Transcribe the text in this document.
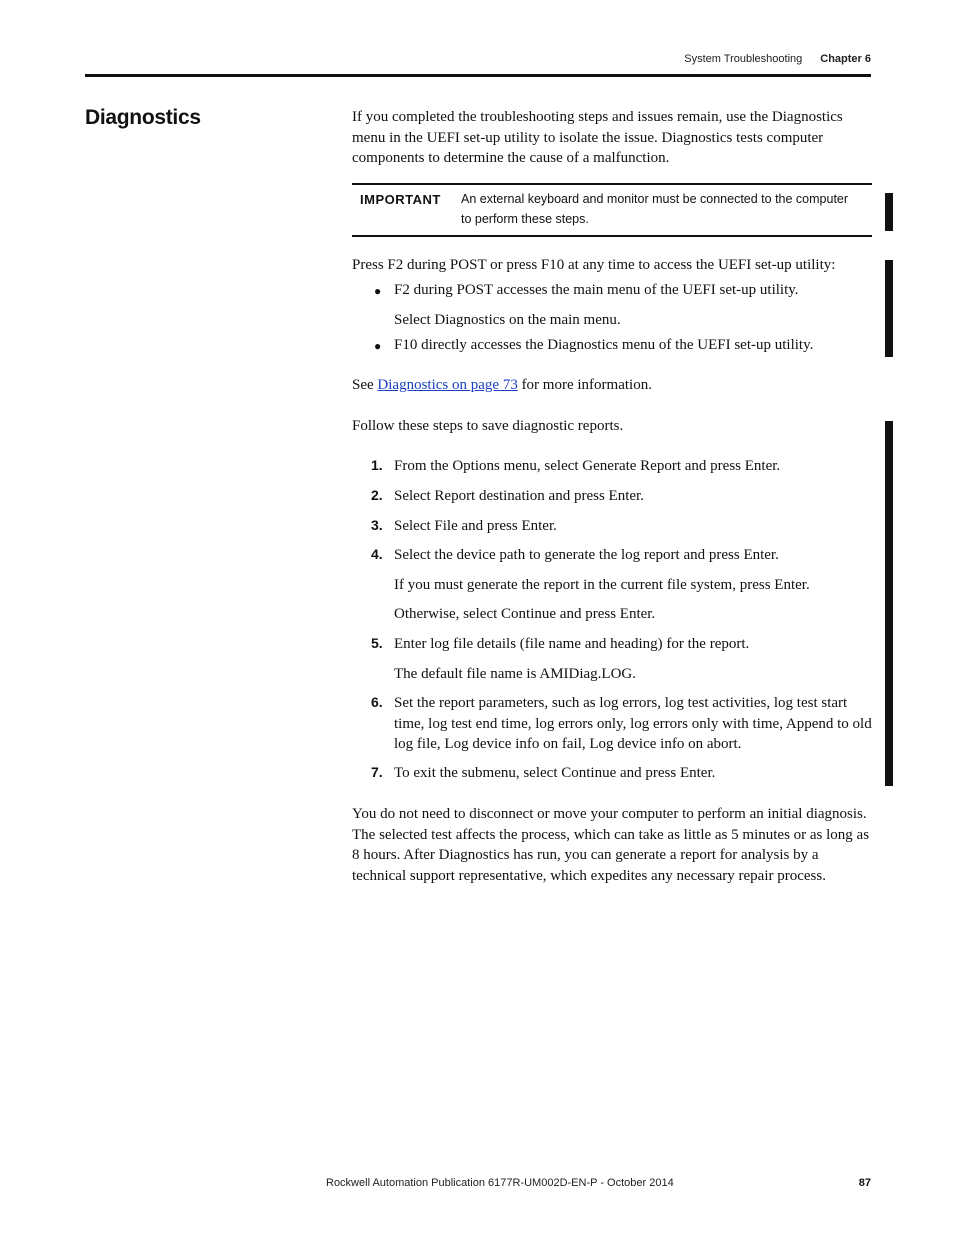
System Troubleshooting Chapter 6
Diagnostics	If you completed the troubleshooting steps and issues remain, use the Diagnostics menu in the UEFI set-up utility to isolate the issue. Diagnostics tests computer components to determine the cause of a malfunction.

IMPORTANT An external keyboard and monitor must be connected to the computer to perform these steps.

Press F2 during POST or press F10 at any time to access the UEFI set-up utility:

● F2 during POST accesses the main menu of the UEFI set-up utility.
Select Diagnostics on the main menu.
● F10 directly accesses the Diagnostics menu of the UEFI set-up utility.

See Diagnostics on page 73 for more information.

Follow these steps to save diagnostic reports.

1. From the Options menu, select Generate Report and press Enter.
2. Select Report destination and press Enter.
3. Select File and press Enter.
4. Select the device path to generate the log report and press Enter.
If you must generate the report in the current file system, press Enter.
Otherwise, select Continue and press Enter.
5. Enter log file details (file name and heading) for the report.
The default file name is AMIDiag.LOG.
6. Set the report parameters, such as log errors, log test activities, log test start time, log test end time, log errors only, log errors only with time, Append to old log file, Log device info on fail, Log device info on abort.
7. To exit the submenu, select Continue and press Enter.

You do not need to disconnect or move your computer to perform an initial diagnosis. The selected test affects the process, which can take as little as 5 minutes or as long as 8 hours. After Diagnostics has run, you can generate a report for analysis by a technical support representative, which expedites any necessary repair process.

Rockwell Automation Publication 6177R-UM002D-EN-P - October 2014	87
